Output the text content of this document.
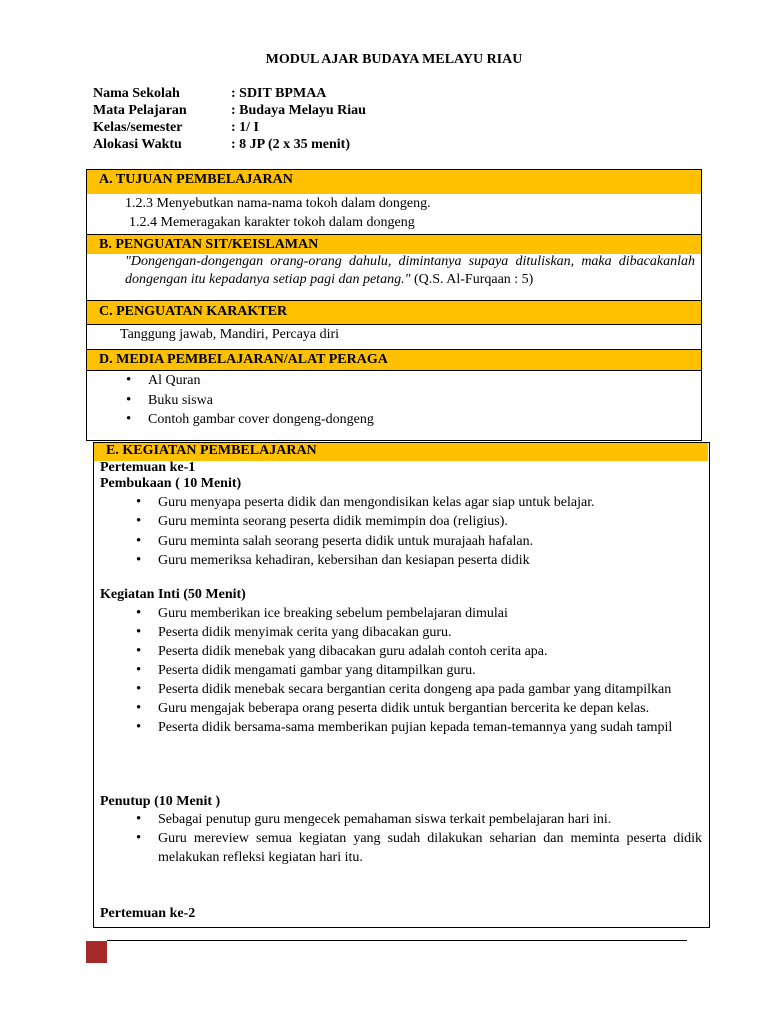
MODUL AJAR BUDAYA MELAYU RIAU
Nama Sekolah	: SDIT BPMAA
Mata Pelajaran	: Budaya Melayu Riau
Kelas/semester	: 1/ I
Alokasi Waktu	: 8 JP (2 x 35 menit)
A. TUJUAN PEMBELAJARAN
1.2.3 Menyebutkan nama-nama tokoh dalam dongeng.
1.2.4 Memeragakan karakter tokoh dalam dongeng
B. PENGUATAN SIT/KEISLAMAN
"Dongengan-dongengan orang-orang dahulu, dimintanya supaya dituliskan, maka dibacakanlah dongengan itu kepadanya setiap pagi dan petang." (Q.S. Al-Furqaan : 5)
C. PENGUATAN KARAKTER
Tanggung jawab, Mandiri, Percaya diri
D. MEDIA PEMBELAJARAN/ALAT PERAGA
• Al Quran
• Buku siswa
• Contoh gambar cover dongeng-dongeng
E. KEGIATAN PEMBELAJARAN
Pertemuan ke-1
Pembukaan ( 10 Menit)
• Guru menyapa peserta didik dan mengondisikan kelas agar siap untuk belajar.
• Guru meminta seorang peserta didik memimpin doa (religius).
• Guru meminta salah seorang peserta didik untuk murajaah hafalan.
• Guru memeriksa kehadiran, kebersihan dan kesiapan peserta didik
Kegiatan Inti (50 Menit)
• Guru memberikan ice breaking sebelum pembelajaran dimulai
• Peserta didik menyimak cerita yang dibacakan guru.
• Peserta didik menebak yang dibacakan guru adalah contoh cerita apa.
• Peserta didik mengamati gambar yang ditampilkan guru.
• Peserta didik menebak secara bergantian cerita dongeng apa pada gambar yang ditampilkan
• Guru mengajak beberapa orang peserta didik untuk bergantian bercerita ke depan kelas.
• Peserta didik bersama-sama memberikan pujian kepada teman-temannya yang sudah tampil
Penutup (10 Menit )
• Sebagai penutup guru mengecek pemahaman siswa terkait pembelajaran hari ini.
• Guru mereview semua kegiatan yang sudah dilakukan seharian dan meminta peserta didik melakukan refleksi kegiatan hari itu.
Pertemuan ke-2
